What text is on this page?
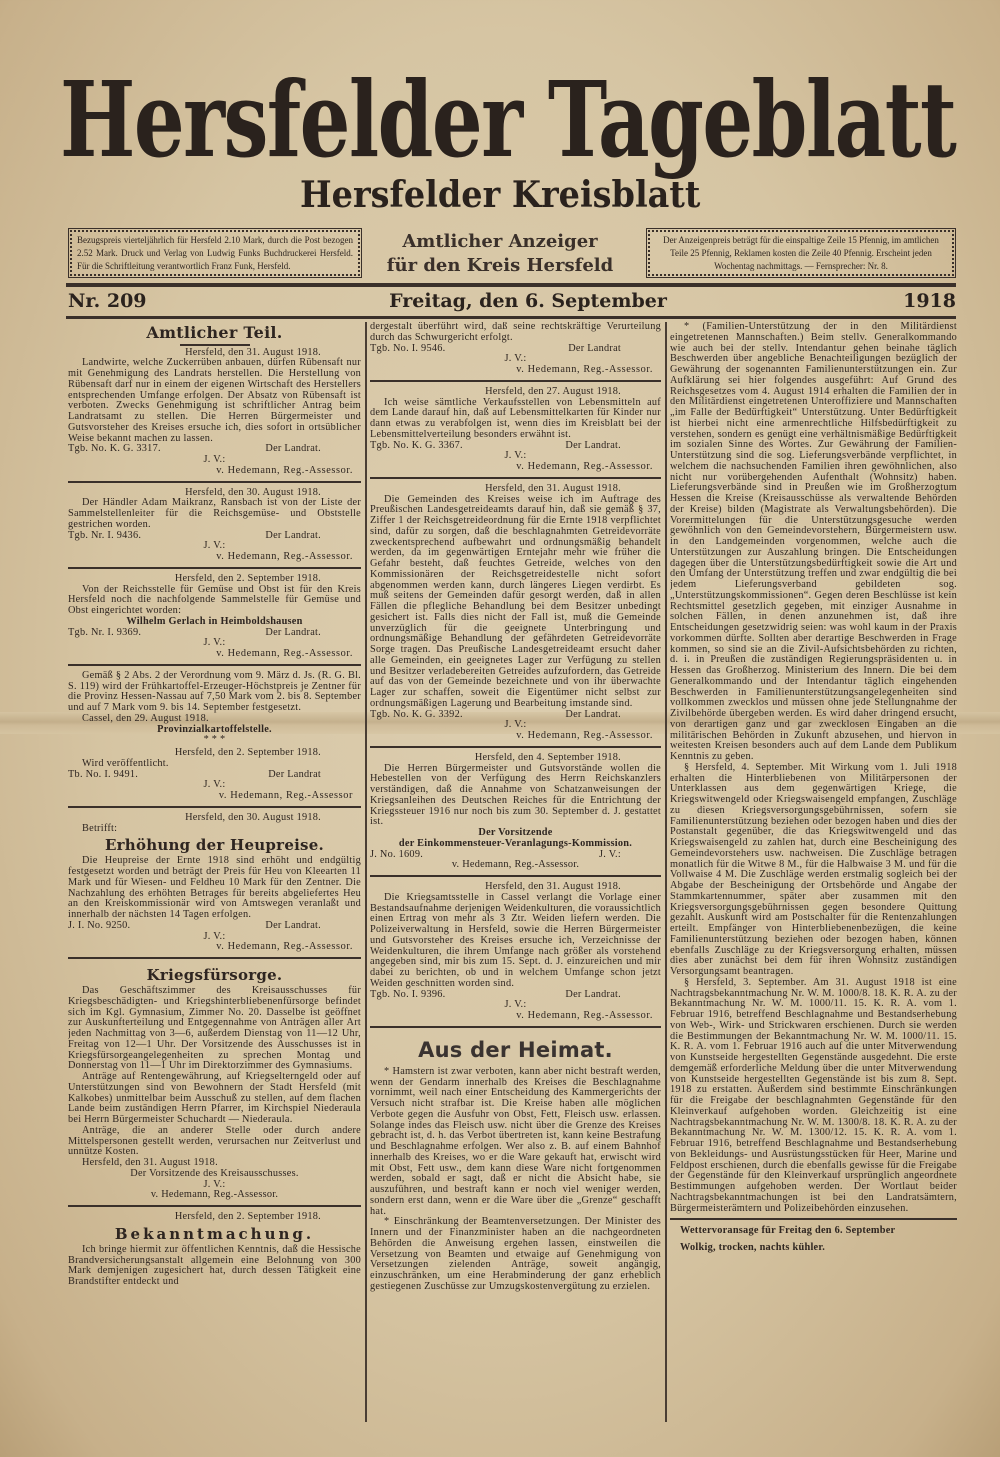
Hersfelder Tageblatt
Hersfelder Kreisblatt
Bezugspreis vierteljährlich für Hersfeld 2.10 Mark, durch die Post bezogen 2.52 Mark. Druck und Verlag von Ludwig Funks Buchdruckerei Hersfeld. Für die Schriftleitung verantwortlich Franz Funk, Hersfeld.
Amtlicher Anzeiger
für den Kreis Hersfeld
Der Anzeigenpreis beträgt für die einspaltige Zeile 15 Pfennig, im amtlichen Teile 25 Pfennig, Reklamen kosten die Zeile 40 Pfennig. Erscheint jeden Wochentag nachmittags. — Fernsprecher: Nr. 8.
Nr. 209	Freitag, den 6. September	1918
Amtlicher Teil.
Hersfeld, den 31. August 1918.
Landwirte, welche Zuckerrüben anbauen, dürfen Rübensaft nur mit Genehmigung des Landrats herstellen. Die Herstellung von Rübensaft darf nur in einem der eigenen Wirtschaft des Herstellers entsprechenden Umfange erfolgen. Der Absatz von Rübensaft ist verboten. Zwecks Genehmigung ist schriftlicher Antrag beim Landratsamt zu stellen. Die Herren Bürgermeister und Gutsvorsteher des Kreises ersuche ich, dies sofort in ortsüblicher Weise bekannt machen zu lassen.
Tgb. No. K. G. 3317.	Der Landrat.
J. V.:
v. Hedemann, Reg.-Assessor.
Hersfeld, den 30. August 1918.
Der Händler Adam Maikranz, Ransbach ist von der Liste der Sammelstellenleiter für die Reichsgemüse- und Obststelle gestrichen worden.
Tgb. Nr. I. 9436.	Der Landrat.
J. V.:
v. Hedemann, Reg.-Assessor.
Hersfeld, den 2. September 1918.
Von der Reichsstelle für Gemüse und Obst ist für den Kreis Hersfeld noch die nachfolgende Sammelstelle für Gemüse und Obst eingerichtet worden:
Wilhelm Gerlach in Heimboldshausen
Tgb. Nr. I. 9369.	Der Landrat.
J. V.:
v. Hedemann, Reg.-Assessor.
Gemäß § 2 Abs. 2 der Verordnung vom 9. März d. Js. (R. G. Bl. S. 119) wird der Frühkartoffel-Erzeuger-Höchstpreis je Zentner für die Provinz Hessen-Nassau auf 7,50 Mark vom 2. bis 8. September und auf 7 Mark vom 9. bis 14. September festgesetzt.
Cassel, den 29. August 1918.
Provinzialkartoffelstelle.
* * *
Hersfeld, den 2. September 1918.
Wird veröffentlicht.
Tb. No. I. 9491.	Der Landrat
J. V.:
v. Hedemann, Reg.-Assessor
Hersfeld, den 30. August 1918.
Betrifft:
Erhöhung der Heupreise.
Die Heupreise der Ernte 1918 sind erhöht und endgültig festgesetzt worden und beträgt der Preis für Heu von Kleearten 11 Mark und für Wiesen- und Feldheu 10 Mark für den Zentner. Die Nachzahlung des erhöhten Betrages für bereits abgeliefertes Heu an den Kreiskommissionär wird von Amtswegen veranlaßt und innerhalb der nächsten 14 Tagen erfolgen.
J. I. No. 9250.	Der Landrat.
J. V.:
v. Hedemann, Reg.-Assessor.
Kriegsfürsorge.
Das Geschäftszimmer des Kreisausschusses für Kriegsbeschädigten- und Kriegshinterbliebenenfürsorge befindet sich im Kgl. Gymnasium, Zimmer No. 20. Dasselbe ist geöffnet zur Auskunfterteilung und Entgegennahme von Anträgen aller Art jeden Nachmittag von 3—6, außerdem Dienstag von 11—12 Uhr, Freitag von 12—1 Uhr. Der Vorsitzende des Ausschusses ist in Kriegsfürsorgeangelegenheiten zu sprechen Montag und Donnerstag von 11—1 Uhr im Direktorzimmer des Gymnasiums.
Anträge auf Rentengewährung, auf Kriegselterngeld oder auf Unterstützungen sind von Bewohnern der Stadt Hersfeld (mit Kalkobes) unmittelbar beim Ausschuß zu stellen, auf dem flachen Lande beim zuständigen Herrn Pfarrer, im Kirchspiel Niederaula bei Herrn Bürgermeister Schuchardt — Niederaula.
Anträge, die an anderer Stelle oder durch andere Mittelspersonen gestellt werden, verursachen nur Zeitverlust und unnütze Kosten.
Hersfeld, den 31. August 1918.
Der Vorsitzende des Kreisausschusses.
J. V.:
v. Hedemann, Reg.-Assessor.
Hersfeld, den 2. September 1918.
Bekanntmachung.
Ich bringe hiermit zur öffentlichen Kenntnis, daß die Hessische Brandversicherungsanstalt allgemein eine Belohnung von 300 Mark demjenigen zugesichert hat, durch dessen Tätigkeit eine Brandstifter entdeckt und
dergestalt überführt wird, daß seine rechtskräftige Verurteilung durch das Schwurgericht erfolgt.
Tgb. No. I. 9546.	Der Landrat
J. V.:
v. Hedemann, Reg.-Assessor.
Hersfeld, den 27. August 1918.
Ich weise sämtliche Verkaufsstellen von Lebensmitteln auf dem Lande darauf hin, daß auf Lebensmittelkarten für Kinder nur dann etwas zu verabfolgen ist, wenn dies im Kreisblatt bei der Lebensmittelverteilung besonders erwähnt ist.
Tgb. No. K. G. 3367.	Der Landrat.
J. V.:
v. Hedemann, Reg.-Assessor.
Hersfeld, den 31. August 1918.
Die Gemeinden des Kreises weise ich im Auftrage des Preußischen Landesgetreideamts darauf hin, daß sie gemäß § 37, Ziffer 1 der Reichsgetreideordnung für die Ernte 1918 verpflichtet sind, dafür zu sorgen, daß die beschlagnahmten Getreidevorräte zweckentsprechend aufbewahrt und ordnungsmäßig behandelt werden, da im gegenwärtigen Erntejahr mehr wie früher die Gefahr besteht, daß feuchtes Getreide, welches von den Kommissionären der Reichsgetreidestelle nicht sofort abgenommen werden kann, durch längeres Liegen verdirbt. Es muß seitens der Gemeinden dafür gesorgt werden, daß in allen Fällen die pflegliche Behandlung bei dem Besitzer unbedingt gesichert ist. Falls dies nicht der Fall ist, muß die Gemeinde unverzüglich für die geeignete Unterbringung und ordnungsmäßige Behandlung der gefährdeten Getreidevorräte Sorge tragen. Das Preußische Landesgetreideamt ersucht daher alle Gemeinden, ein geeignetes Lager zur Verfügung zu stellen und Besitzer verladebereiten Getreides aufzufordern, das Getreide auf das von der Gemeinde bezeichnete und von ihr überwachte Lager zur schaffen, soweit die Eigentümer nicht selbst zur ordnungsmäßigen Lagerung und Bearbeitung imstande sind.
Tgb. No. K. G. 3392.	Der Landrat.
J. V.:
v. Hedemann, Reg.-Assessor.
Hersfeld, den 4. September 1918.
Die Herren Bürgermeister und Gutsvorstände wollen die Hebestellen von der Verfügung des Herrn Reichskanzlers verständigen, daß die Annahme von Schatzanweisungen der Kriegsanleihen des Deutschen Reiches für die Entrichtung der Kriegssteuer 1916 nur noch bis zum 30. September d. J. gestattet ist.
Der Vorsitzende
der Einkommensteuer-Veranlagungs-Kommission.
J. No. 1609.	J. V.:
v. Hedemann, Reg.-Assessor.
Hersfeld, den 31. August 1918.
Die Kriegsamtsstelle in Cassel verlangt die Vorlage einer Bestandsaufnahme derjenigen Weidenkulturen, die voraussichtlich einen Ertrag von mehr als 3 Ztr. Weiden liefern werden. Die Polizeiverwaltung in Hersfeld, sowie die Herren Bürgermeister und Gutsvorsteher des Kreises ersuche ich, Verzeichnisse der Weidenkulturen, die ihrem Umfange nach größer als vorstehend angegeben sind, mir bis zum 15. Sept. d. J. einzureichen und mir dabei zu berichten, ob und in welchem Umfange schon jetzt Weiden geschnitten worden sind.
Tgb. No. I. 9396.	Der Landrat.
J. V.:
v. Hedemann, Reg.-Assessor.
Aus der Heimat.
* Hamstern ist zwar verboten, kann aber nicht bestraft werden, wenn der Gendarm innerhalb des Kreises die Beschlagnahme vornimmt, weil nach einer Entscheidung des Kammergerichts der Versuch nicht strafbar ist. Die Kreise haben alle möglichen Verbote gegen die Ausfuhr von Obst, Fett, Fleisch usw. erlassen. Solange indes das Fleisch usw. nicht über die Grenze des Kreises gebracht ist, d. h. das Verbot übertreten ist, kann keine Bestrafung und Beschlagnahme erfolgen. Wer also z. B. auf einem Bahnhof innerhalb des Kreises, wo er die Ware gekauft hat, erwischt wird mit Obst, Fett usw., dem kann diese Ware nicht fortgenommen werden, sobald er sagt, daß er nicht die Absicht habe, sie auszuführen, und bestraft kann er noch viel weniger werden, sondern erst dann, wenn er die Ware über die „Grenze“ geschafft hat.
* Einschränkung der Beamtenversetzungen. Der Minister des Innern und der Finanzminister haben an die nachgeordneten Behörden die Anweisung ergehen lassen, einstweilen die Versetzung von Beamten und etwaige auf Genehmigung von Versetzungen zielenden Anträge, soweit angängig, einzuschränken, um eine Herabminderung der ganz erheblich gestiegenen Zuschüsse zur Umzugskostenvergütung zu erzielen.
* (Familien-Unterstützung der in den Militärdienst eingetretenen Mannschaften.) Beim stellv. Generalkommando wie auch bei der stellv. Intendantur gehen beinahe täglich Beschwerden über angebliche Benachteiligungen bezüglich der Gewährung der sogenannten Familienunterstützungen ein. Zur Aufklärung sei hier folgendes ausgeführt: Auf Grund des Reichsgesetzes vom 4. August 1914 erhalten die Familien der in den Militärdienst eingetretenen Unteroffiziere und Mannschaften „im Falle der Bedürftigkeit“ Unterstützung. Unter Bedürftigkeit ist hierbei nicht eine armenrechtliche Hilfsbedürftigkeit zu verstehen, sondern es genügt eine verhältnismäßige Bedürftigkeit im sozialen Sinne des Wortes. Zur Gewährung der Familien-Unterstützung sind die sog. Lieferungsverbände verpflichtet, in welchem die nachsuchenden Familien ihren gewöhnlichen, also nicht nur vorübergehenden Aufenthalt (Wohnsitz) haben. Lieferungsverbände sind in Preußen wie im Großherzogtum Hessen die Kreise (Kreisausschüsse als verwaltende Behörden der Kreise) bilden (Magistrate als Verwaltungsbehörden). Die Vorermittelungen für die Unterstützungsgesuche werden gewöhnlich von den Gemeindevorstehern, Bürgermeistern usw. in den Landgemeinden vorgenommen, welche auch die Unterstützungen zur Auszahlung bringen. Die Entscheidungen dagegen über die Unterstützungsbedürftigkeit sowie die Art und den Umfang der Unterstützung treffen und zwar endgültig die bei jedem Lieferungsverband gebildeten sog. „Unterstützungskommissionen“. Gegen deren Beschlüsse ist kein Rechtsmittel gesetzlich gegeben, mit einziger Ausnahme in solchen Fällen, in denen anzunehmen ist, daß ihre Entscheidungen gesetzwidrig seien: was wohl kaum in der Praxis vorkommen dürfte. Sollten aber derartige Beschwerden in Frage kommen, so sind sie an die Zivil-Aufsichtsbehörden zu richten, d. i. in Preußen die zuständigen Regierungspräsidenten u. in Hessen das Großherzog. Ministerium des Innern. Die bei dem Generalkommando und der Intendantur täglich eingehenden Beschwerden in Familienunterstützungsangelegenheiten sind vollkommen zwecklos und müssen ohne jede Stellungnahme der Zivilbehörde übergeben werden. Es wird daher dringend ersucht, von derartigen ganz und gar zwecklosen Eingaben an die militärischen Behörden in Zukunft abzusehen, und hiervon in weitesten Kreisen besonders auch auf dem Lande dem Publikum Kenntnis zu geben.
§ Hersfeld, 4. September. Mit Wirkung vom 1. Juli 1918 erhalten die Hinterbliebenen von Militärpersonen der Unterklassen aus dem gegenwärtigen Kriege, die Kriegswitwengeld oder Kriegswaisengeld empfangen, Zuschläge zu diesen Kriegsversorgungsgebührnissen, sofern sie Familienunterstützung beziehen oder bezogen haben und dies der Postanstalt gegenüber, die das Kriegswitwengeld und das Kriegswaisengeld zu zahlen hat, durch eine Bescheinigung des Gemeindevorstehers usw. nachweisen. Die Zuschläge betragen monatlich für die Witwe 8 M., für die Halbwaise 3 M. und für die Vollwaise 4 M. Die Zuschläge werden erstmalig sogleich bei der Abgabe der Bescheinigung der Ortsbehörde und Angabe der Stammkartennummer, später aber zusammen mit den Kriegsversorgungsgebührnissen gegen besondere Quittung gezahlt. Auskunft wird am Postschalter für die Rentenzahlungen erteilt. Empfänger von Hinterbliebenenbezügen, die keine Familienunterstützung beziehen oder bezogen haben, können ebenfalls Zuschläge zu der Kriegsversorgung erhalten, müssen dies aber zunächst bei dem für ihren Wohnsitz zuständigen Versorgungsamt beantragen.
§ Hersfeld, 3. September. Am 31. August 1918 ist eine Nachtragsbekanntmachung Nr. W. M. 1000/8. 18. K. R. A. zu der Bekanntmachung Nr. W. M. 1000/11. 15. K. R. A. vom 1. Februar 1916, betreffend Beschlagnahme und Bestandserhebung von Web-, Wirk- und Strickwaren erschienen. Durch sie werden die Bestimmungen der Bekanntmachung Nr. W. M. 1000/11. 15. K. R. A. vom 1. Februar 1916 auch auf die unter Mitverwendung von Kunstseide hergestellten Gegenstände ausgedehnt. Die erste demgemäß erforderliche Meldung über die unter Mitverwendung von Kunstseide hergestellten Gegenstände ist bis zum 8. Sept. 1918 zu erstatten. Außerdem sind bestimmte Einschränkungen für die Freigabe der beschlagnahmten Gegenstände für den Kleinverkauf aufgehoben worden. Gleichzeitig ist eine Nachtragsbekanntmachung Nr. W. M. 1300/8. 18. K. R. A. zu der Bekanntmachung Nr. W. M. 1300/12. 15. K. R. A. vom 1. Februar 1916, betreffend Beschlagnahme und Bestandserhebung von Bekleidungs- und Ausrüstungsstücken für Heer, Marine und Feldpost erschienen, durch die ebenfalls gewisse für die Freigabe der Gegenstände für den Kleinverkauf ursprünglich angeordnete Bestimmungen aufgehoben werden. Der Wortlaut beider Nachtragsbekanntmachungen ist bei den Landratsämtern, Bürgermeisterämtern und Polizeibehörden einzusehen.
Wettervoransage für Freitag den 6. September
Wolkig, trocken, nachts kühler.
